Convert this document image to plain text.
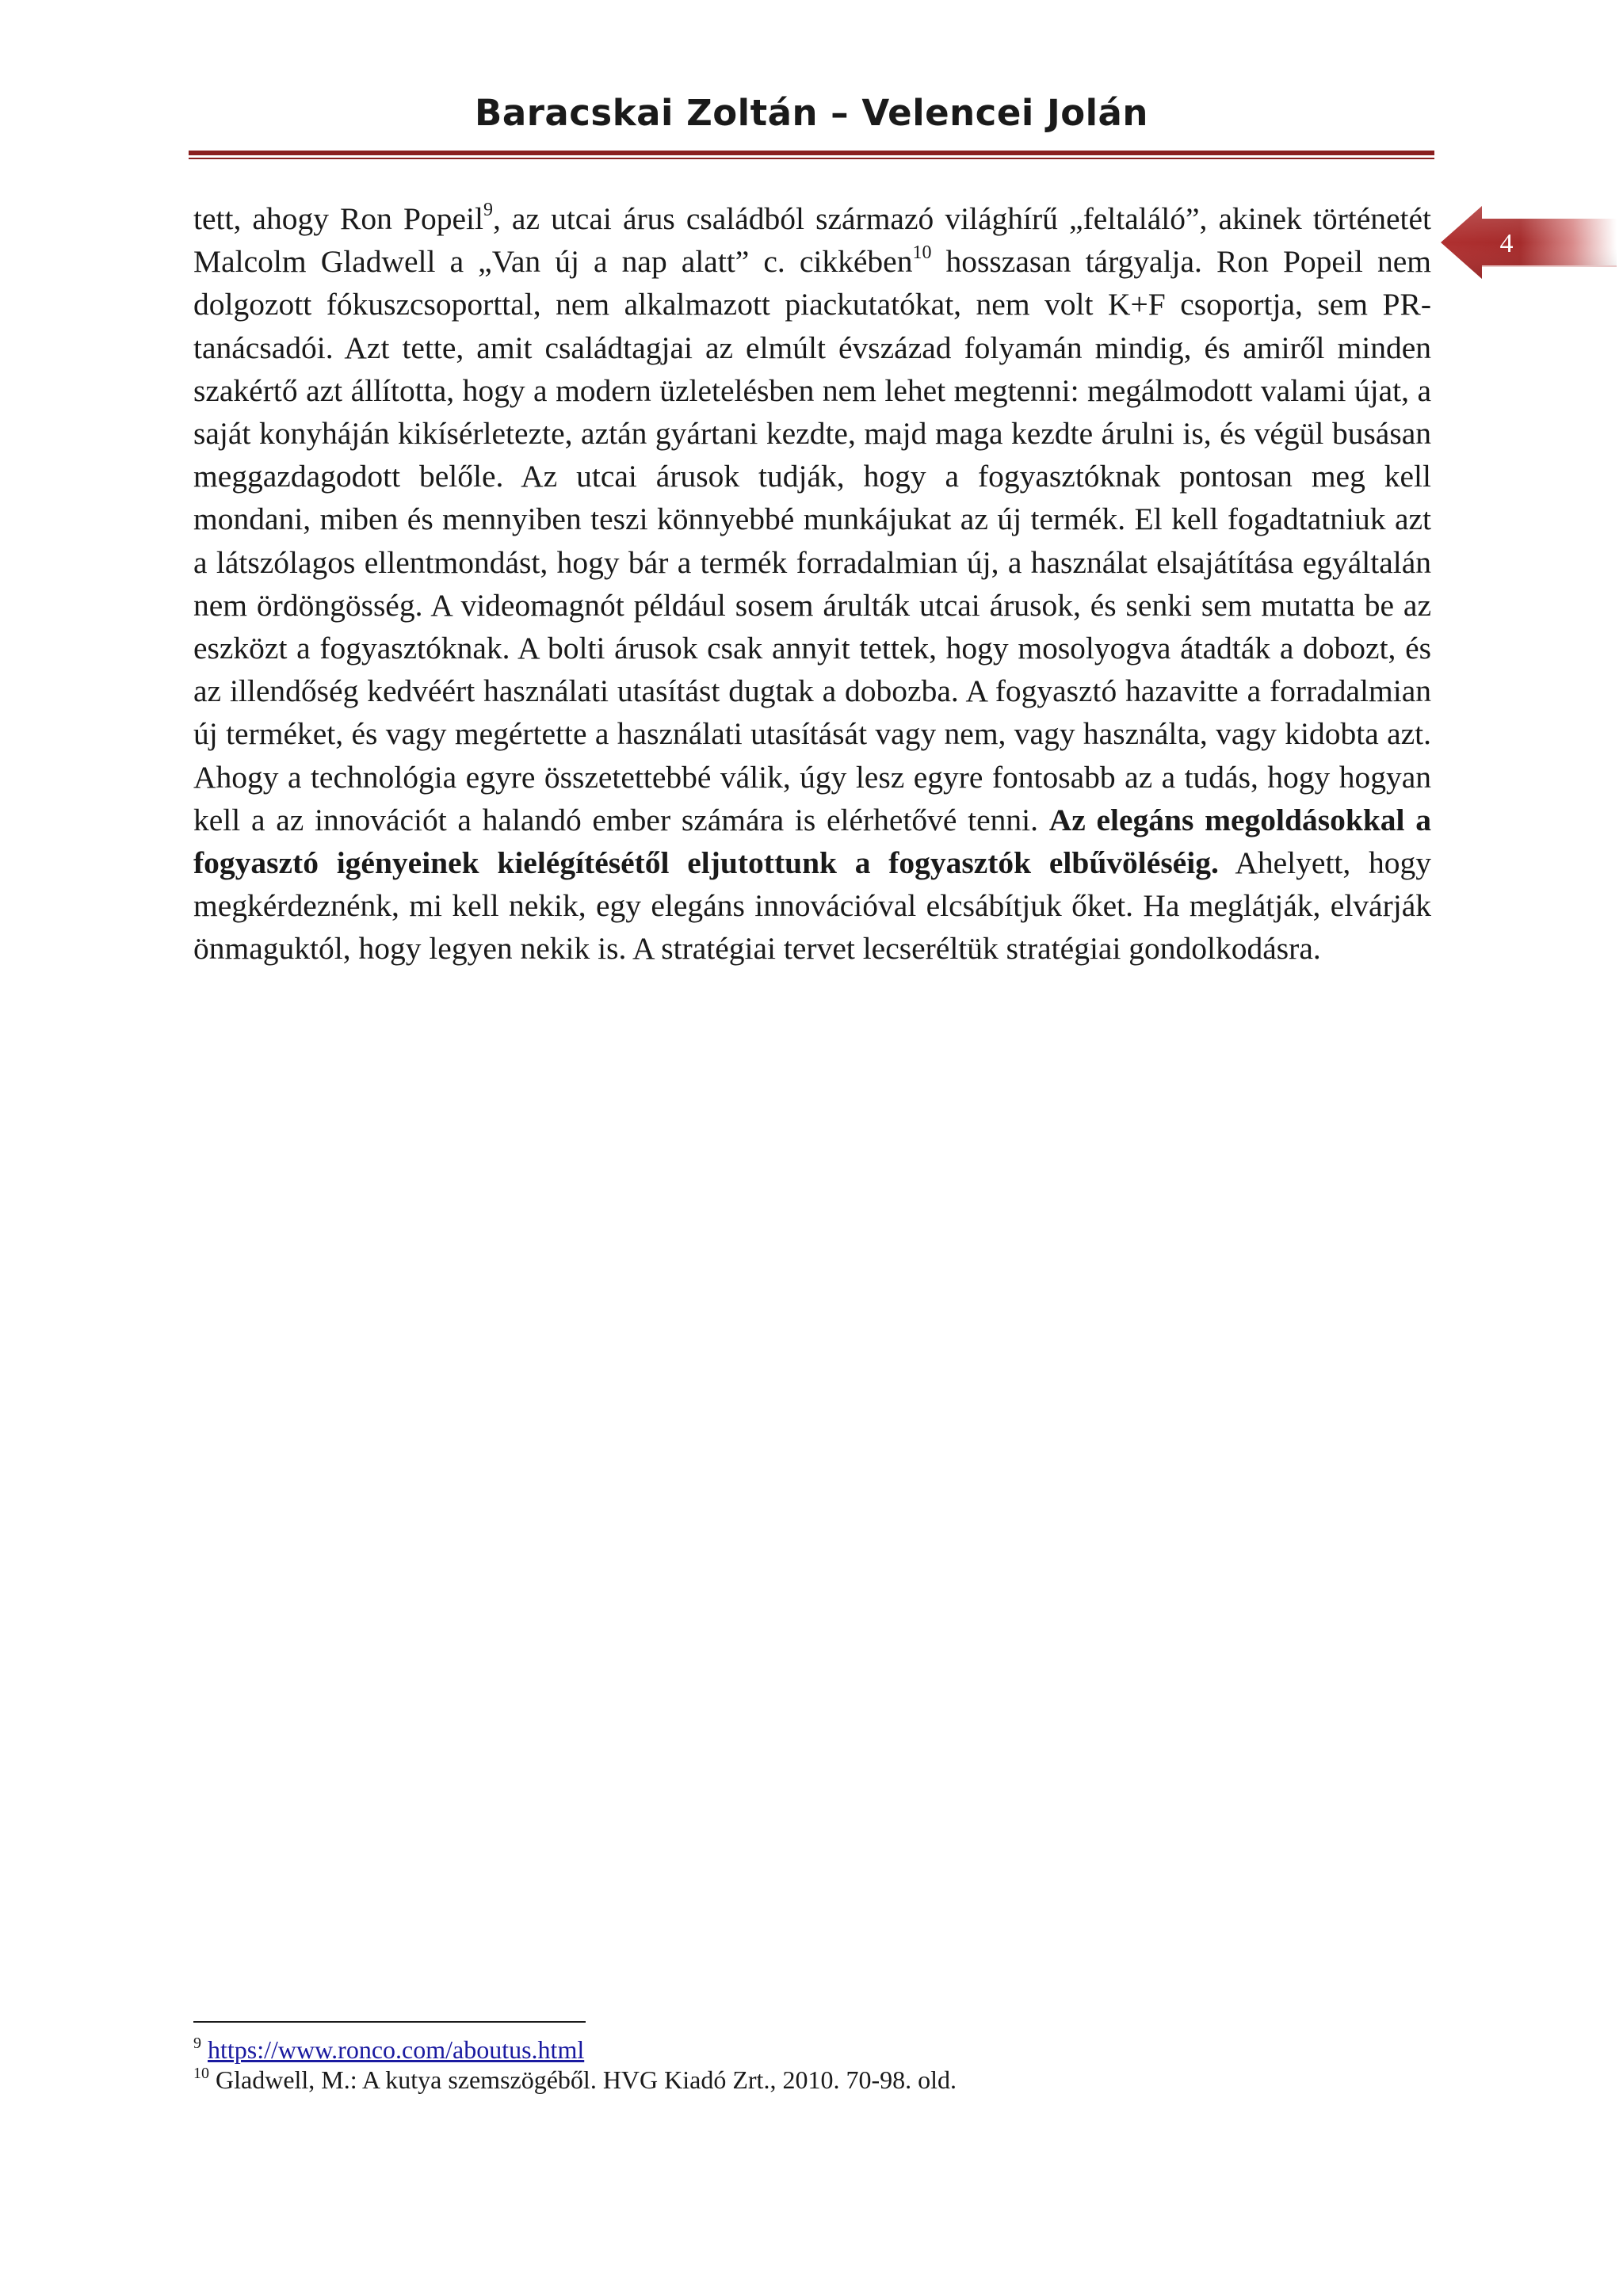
Baracskai Zoltán – Velencei Jolán
4

tett, ahogy Ron Popeil$^9$, az utcai árus családból származó világhírű „feltaláló”, akinek történetét Malcolm Gladwell a „Van új a nap alatt” c. cikkében$^{10}$ hosszasan tárgyalja. Ron Popeil nem dolgozott fókuszcsoporttal, nem alkalmazott piackutatókat, nem volt K+F csoportja, sem PR-tanácsadói. Azt tette, amit családtagjai az elmúlt évszázad folyamán mindig, és amiről minden szakértő azt állította, hogy a modern üzletelésben nem lehet megtenni: megálmodott valami újat, a saját konyháján kikísérletezte, aztán gyártani kezdte, majd maga kezdte árulni is, és végül busásan meggazdagodott belőle. Az utcai árusok tudják, hogy a fogyasztóknak pontosan meg kell mondani, miben és mennyiben teszi könnyebbé munkájukat az új termék. El kell fogadtatniuk azt a látszólagos ellentmondást, hogy bár a termék forradalmian új, a használat elsajátítása egyáltalán nem ördöngösség. A videomagnót például sosem árulták utcai árusok, és senki sem mutatta be az eszközt a fogyasztóknak. A bolti árusok csak annyit tettek, hogy mosolyogva átadták a dobozt, és az illendőség kedvéért használati utasítást dugtak a dobozba. A fogyasztó hazavitte a forradalmian új terméket, és vagy megértette a használati utasítását vagy nem, vagy használta, vagy kidobta azt. Ahogy a technológia egyre összetettebbé válik, úgy lesz egyre fontosabb az a tudás, hogy hogyan kell a az innovációt a halandó ember számára is elérhetővé tenni. Az elegáns megoldásokkal a fogyasztó igényeinek kielégítésétől eljutottunk a fogyasztók elbűvöléséig. Ahelyett, hogy megkérdeznénk, mi kell nekik, egy elegáns innovációval elcsábítjuk őket. Ha meglátják, elvárják önmaguktól, hogy legyen nekik is. A stratégiai tervet lecseréltük stratégiai gondolkodásra.

$^9$ https://www.ronco.com/aboutus.html
$^{10}$ Gladwell, M.: A kutya szemszögéből. HVG Kiadó Zrt., 2010. 70-98. old.
